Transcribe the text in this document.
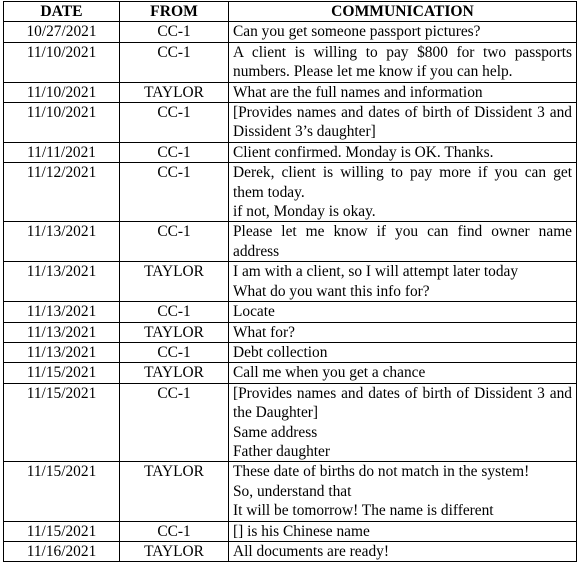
DATE	FROM	COMMUNICATION
10/27/2021	CC-1	Can you get someone passport pictures?

11/10/2021	CC-1	A client is willing to pay $800 for two passports numbers. Please let me know if you can help.

11/10/2021	TAYLOR	What are the full names and information

11/10/2021	CC-1	[Provides names and dates of birth of Dissident 3 and Dissident 3’s daughter]

11/11/2021	CC-1	Client confirmed. Monday is OK. Thanks.

11/12/2021	CC-1	Derek, client is willing to pay more if you can get them today.
if not, Monday is okay.

11/13/2021	CC-1	Please let me know if you can find owner name address

11/13/2021	TAYLOR	I am with a client, so I will attempt later today
What do you want this info for?

11/13/2021	CC-1	Locate

11/13/2021	TAYLOR	What for?

11/13/2021	CC-1	Debt collection

11/15/2021	TAYLOR	Call me when you get a chance

11/15/2021	CC-1	[Provides names and dates of birth of Dissident 3 and the Daughter]
Same address
Father daughter

11/15/2021	TAYLOR	These date of births do not match in the system!
So, understand that
It will be tomorrow! The name is different

11/15/2021	CC-1	[] is his Chinese name

11/16/2021	TAYLOR	All documents are ready!
